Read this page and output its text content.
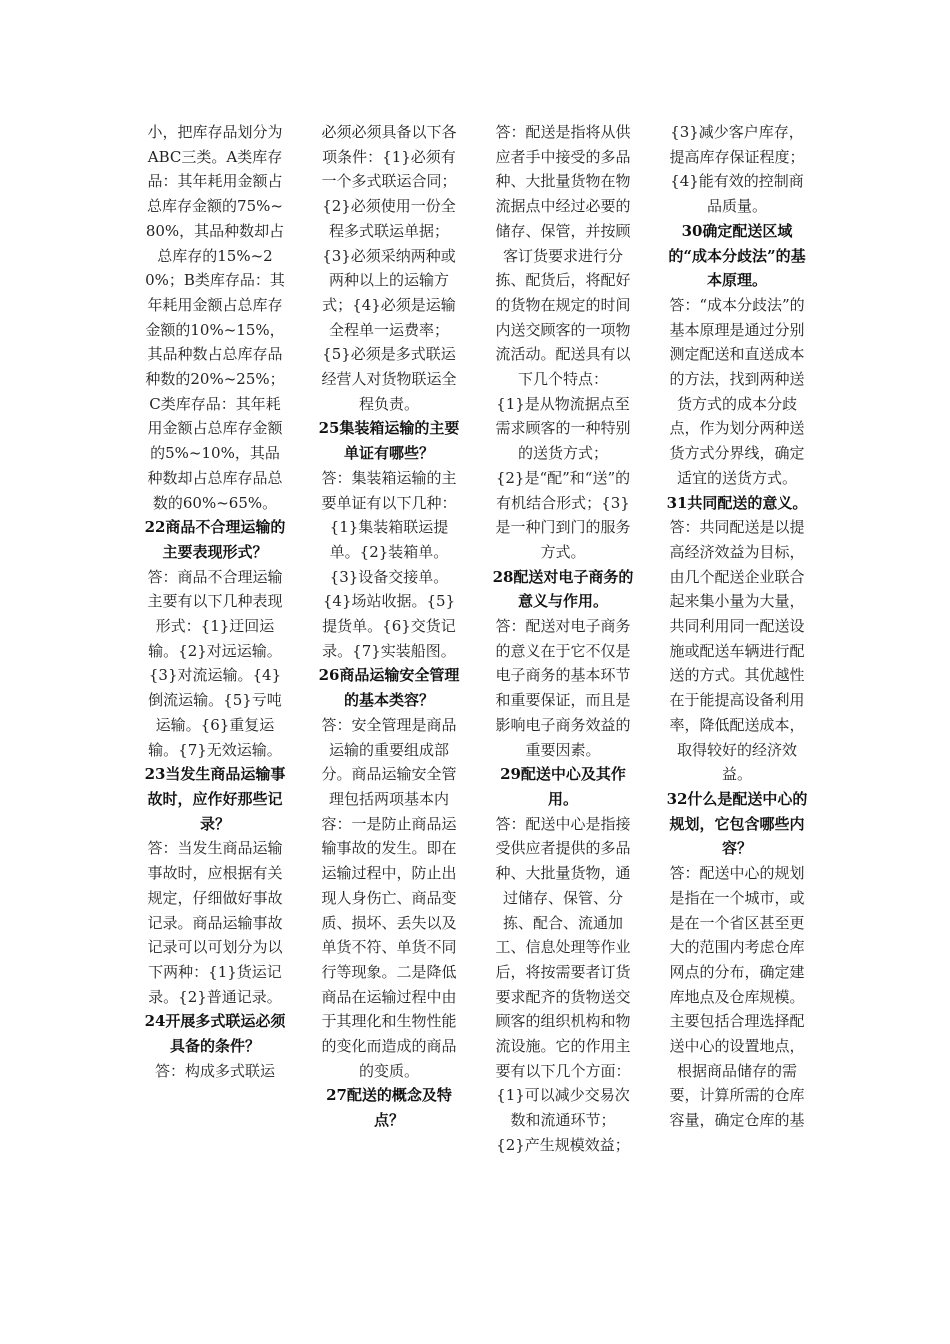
小，把库存品划分为ABC三类。A类库存品：其年耗用金额占总库存金额的75%~80%，其品种数却占总库存的15%~20%；B类库存品：其年耗用金额占总库存金额的10%~15%，其品种数占总库存品种数的20%~25%；C类库存品：其年耗用金额占总库存金额的5%~10%，其品种数却占总库存品总数的60%~65%。

22商品不合理运输的主要表现形式？

答：商品不合理运输主要有以下几种表现形式：{1}迂回运输。{2}对远运输。{3}对流运输。{4}倒流运输。{5}亏吨运输。{6}重复运输。{7}无效运输。

23当发生商品运输事故时，应作好那些记录？

答：当发生商品运输事故时，应根据有关规定，仔细做好事故记录。商品运输事故记录可以可划分为以下两种：{1}货运记录。{2}普通记录。

24开展多式联运必须具备的条件？

答：构成多式联运

必须必须具备以下各项条件：{1}必须有一个多式联运合同；{2}必须使用一份全程多式联运单据；{3}必须采纳两种或两种以上的运输方式；{4}必须是运输全程单一运费率；{5}必须是多式联运经营人对货物联运全程负责。

25集装箱运输的主要单证有哪些？

答：集装箱运输的主要单证有以下几种：{1}集装箱联运提单。{2}装箱单。{3}设备交接单。{4}场站收据。{5}提货单。{6}交货记录。{7}实装船图。

26商品运输安全管理的基本类容？

答：安全管理是商品运输的重要组成部分。商品运输安全管理包括两项基本内容：一是防止商品运输事故的发生。即在运输过程中，防止出现人身伤亡、商品变质、损坏、丢失以及单货不符、单货不同行等现象。二是降低商品在运输过程中由于其理化和生物性能的变化而造成的商品的变质。

27配送的概念及特点？

答：配送是指将从供应者手中接受的多品种、大批量货物在物流据点中经过必要的储存、保管，并按顾客订货要求进行分拣、配货后，将配好的货物在规定的时间内送交顾客的一项物流活动。配送具有以下几个特点：

{1}是从物流据点至需求顾客的一种特别的送货方式；

{2}是“配”和“送”的有机结合形式；{3}是一种门到门的服务方式。

28配送对电子商务的意义与作用。

答：配送对电子商务的意义在于它不仅是电子商务的基本环节和重要保证，而且是影响电子商务效益的重要因素。

29配送中心及其作用。

答：配送中心是指接受供应者提供的多品种、大批量货物，通过储存、保管、分拣、配合、流通加工、信息处理等作业后，将按需要者订货要求配齐的货物送交顾客的组织机构和物流设施。它的作用主要有以下几个方面：

{1}可以减少交易次数和流通环节；

{2}产生规模效益；

{3}减少客户库存，提高库存保证程度；

{4}能有效的控制商品质量。

30确定配送区域的“成本分歧法”的基本原理。

答：“成本分歧法”的基本原理是通过分别测定配送和直送成本的方法，找到两种送货方式的成本分歧点，作为划分两种送货方式分界线，确定适宜的送货方式。

31共同配送的意义。

答：共同配送是以提高经济效益为目标，由几个配送企业联合起来集小量为大量，共同利用同一配送设施或配送车辆进行配送的方式。其优越性在于能提高设备利用率，降低配送成本，取得较好的经济效益。

32什么是配送中心的规划，它包含哪些内容？

答：配送中心的规划是指在一个城市，或是在一个省区甚至更大的范围内考虑仓库网点的分布，确定建库地点及仓库规模。主要包括合理选择配送中心的设置地点，根据商品储存的需要，计算所需的仓库容量，确定仓库的基
